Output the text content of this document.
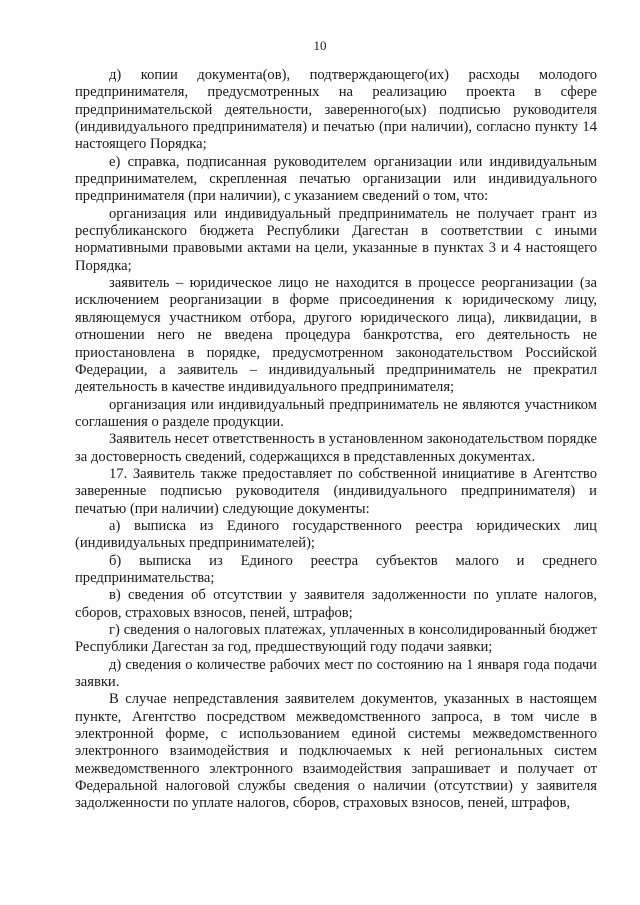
10

д) копии документа(ов), подтверждающего(их) расходы молодого предпринимателя, предусмотренных на реализацию проекта в сфере предпринимательской деятельности, заверенного(ых) подписью руководителя (индивидуального предпринимателя) и печатью (при наличии), согласно пункту 14 настоящего Порядка;

е) справка, подписанная руководителем организации или индивидуальным предпринимателем, скрепленная печатью организации или индивидуального предпринимателя (при наличии), с указанием сведений о том, что:

организация или индивидуальный предприниматель не получает грант из республиканского бюджета Республики Дагестан в соответствии с иными нормативными правовыми актами на цели, указанные в пунктах 3 и 4 настоящего Порядка;

заявитель – юридическое лицо не находится в процессе реорганизации (за исключением реорганизации в форме присоединения к юридическому лицу, являющемуся участником отбора, другого юридического лица), ликвидации, в отношении него не введена процедура банкротства, его деятельность не приостановлена в порядке, предусмотренном законодательством Российской Федерации, а заявитель – индивидуальный предприниматель не прекратил деятельность в качестве индивидуального предпринимателя;

организация или индивидуальный предприниматель не являются участником соглашения о разделе продукции.

Заявитель несет ответственность в установленном законодательством порядке за достоверность сведений, содержащихся в представленных документах.

17. Заявитель также предоставляет по собственной инициативе в Агентство заверенные подписью руководителя (индивидуального предпринимателя) и печатью (при наличии) следующие документы:

а) выписка из Единого государственного реестра юридических лиц (индивидуальных предпринимателей);

б) выписка из Единого реестра субъектов малого и среднего предпринимательства;

в) сведения об отсутствии у заявителя задолженности по уплате налогов, сборов, страховых взносов, пеней, штрафов;

г) сведения о налоговых платежах, уплаченных в консолидированный бюджет Республики Дагестан за год, предшествующий году подачи заявки;

д) сведения о количестве рабочих мест по состоянию на 1 января года подачи заявки.

В случае непредставления заявителем документов, указанных в настоящем пункте, Агентство посредством межведомственного запроса, в том числе в электронной форме, с использованием единой системы межведомственного электронного взаимодействия и подключаемых к ней региональных систем межведомственного электронного взаимодействия запрашивает и получает от Федеральной налоговой службы сведения о наличии (отсутствии) у заявителя задолженности по уплате налогов, сборов, страховых взносов, пеней, штрафов,
